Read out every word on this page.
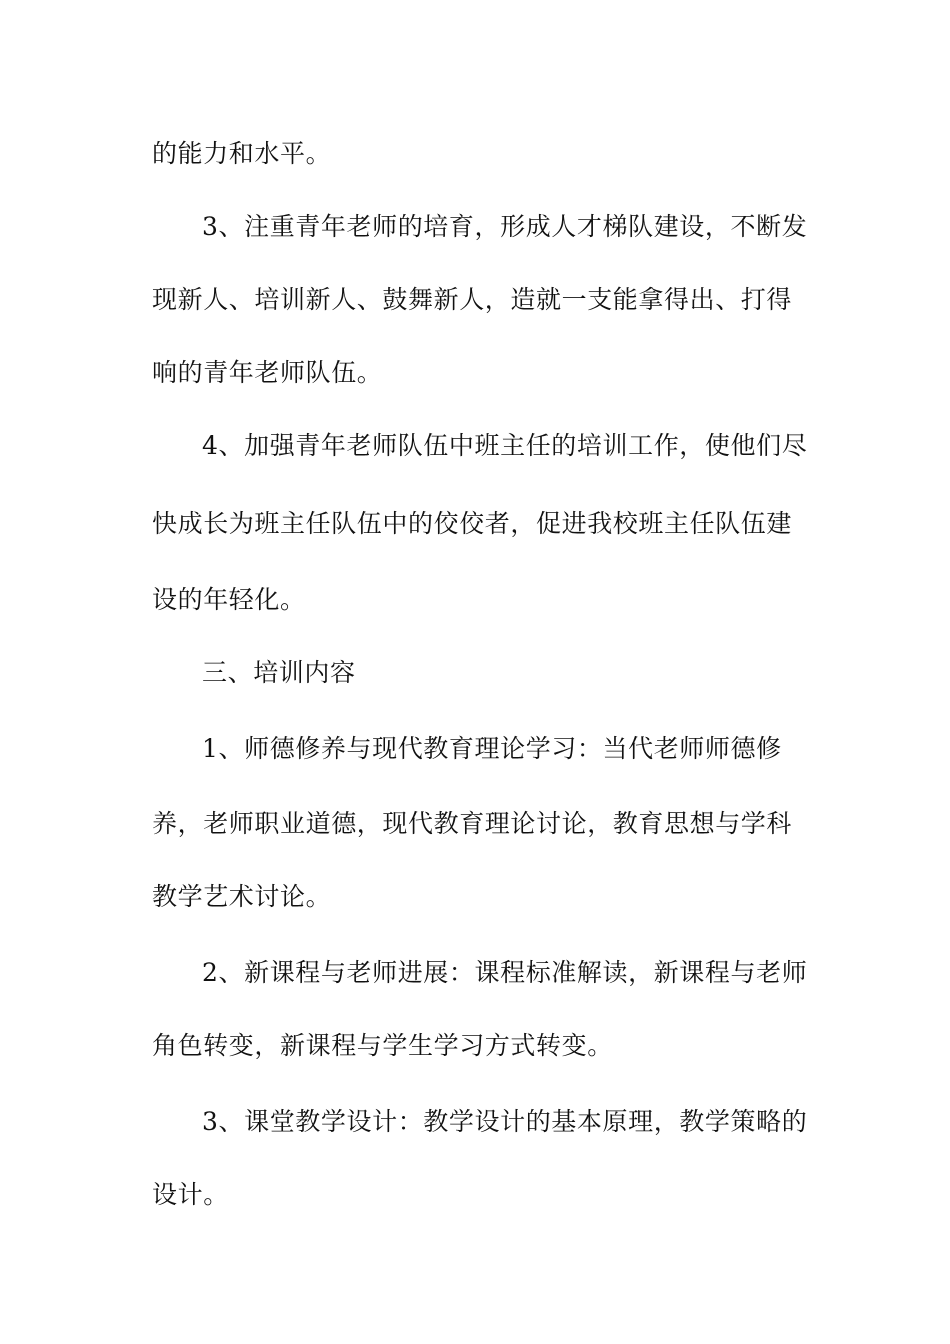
的能力和水平。
3、注重青年老师的培育，形成人才梯队建设，不断发
现新人、培训新人、鼓舞新人，造就一支能拿得出、打得
响的青年老师队伍。
4、加强青年老师队伍中班主任的培训工作，使他们尽
快成长为班主任队伍中的佼佼者，促进我校班主任队伍建
设的年轻化。
三、培训内容
1、师德修养与现代教育理论学习：当代老师师德修
养，老师职业道德，现代教育理论讨论，教育思想与学科
教学艺术讨论。
2、新课程与老师进展：课程标准解读，新课程与老师
角色转变，新课程与学生学习方式转变。
3、课堂教学设计：教学设计的基本原理，教学策略的
设计。
